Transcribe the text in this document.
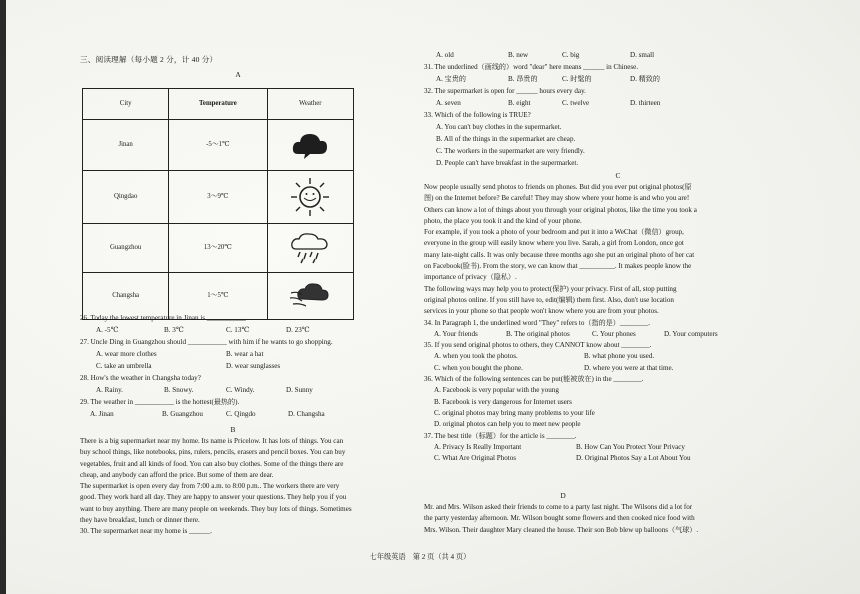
三、阅读理解（每小题 2 分，计 40 分）
A
City	Temperature	Weather
Jinan	-5～1℃	

Qingdao	3～9℃	

Guangzhou	13～20℃	

Changsha	1～5℃	
26. Today the lowest temperature in Jinan is ___________.
A. -5℃	B. 3℃	C. 13℃	D. 23℃
27. Uncle Ding in Guangzhou should ___________ with him if he wants to go shopping.
A. wear more clothes	B. wear a hat
C. take an umbrella	D. wear sunglasses
28. How's the weather in Changsha today?
A. Rainy.	B. Snowy.	C. Windy.	D. Sunny
29. The weather in ___________ is the hottest(最热的).
A. Jinan	B. Guangzhou	C. Qingdo	D. Changsha
B
There is a big supermarket near my home. Its name is Pricelow. It has lots of things. You can
buy school things, like notebooks, pins, rulers, pencils, erasers and pencil boxes. You can buy
vegetables, fruit and all kinds of food. You can also buy clothes. Some of the things there are
cheap, and anybody can afford the price. But some of them are dear.
The supermarket is open every day from 7:00 a.m. to 8:00 p.m.. The workers there are very
good. They work hard all day. They are happy to answer your questions. They help you if you
want to buy anything. There are many people on weekends. They buy lots of things. Sometimes
they have breakfast, lunch or dinner there.
30. The supermarket near my home is ______.
A. old	B. new	C. big	D. small
31. The underlined（画线的）word "dear" here means ______ in Chinese.
A. 宝贵的	B. 昂贵的	C. 时髦的	D. 精致的
32. The supermarket is open for ______ hours every day.
A. seven	B. eight	C. twelve	D. thirteen
33. Which of the following is TRUE?
A. You can't buy clothes in the supermarket.
B. All of the things in the supermarket are cheap.
C. The workers in the supermarket are very friendly.
D. People can't have breakfast in the supermarket.
C
Now people usually send photos to friends on phones. But did you ever put original photos(原
图) on the Internet before? Be careful! They may show where your home is and who you are!
Others can know a lot of things about you through your original photos, like the time you took a
photo, the place you took it and the kind of your phone.
For example, if you took a photo of your bedroom and put it into a WeChat（微信）group,
everyone in the group will easily know where you live. Sarah, a girl from London, once got
many late-night calls. It was only because three months ago she put an original photo of her cat
on Facebook(脸书). From the story, we can know that __________. It makes people know the
importance of privacy（隐私）.
The following ways may help you to protect(保护) your privacy. First of all, stop putting
original photos online. If you still have to, edit(编辑) them first. Also, don't use location
services in your phone so that people won't know where you are from your photos.
34. In Paragraph 1, the underlined word "They" refers to（指的是）________.
A. Your friends	B. The original photos	C. Your phones	D. Your computers
35. If you send original photos to others, they CANNOT know about ________.
A. when you took the photos.	B. what phone you used.
C. when you bought the phone.	D. where you were at that time.
36. Which of the following sentences can be put(能被放在) in the ________.
A. Facebook is very popular with the young
B. Facebook is very dangerous for Internet users
C. original photos may bring many problems to your life
D. original photos can help you to meet new people
37. The best title（标题）for the article is ________.
A. Privacy Is Really Important	B. How Can You Protect Your Privacy
C. What Are Original Photos	D. Original Photos Say a Lot About You
D
Mr. and Mrs. Wilson asked their friends to come to a party last night. The Wilsons did a lot for
the party yesterday afternoon. Mr. Wilson bought some flowers and then cooked nice food with
Mrs. Wilson. Their daughter Mary cleaned the house. Their son Bob blew up balloons（气球）.
七年级英语　第 2 页（共 4 页）
